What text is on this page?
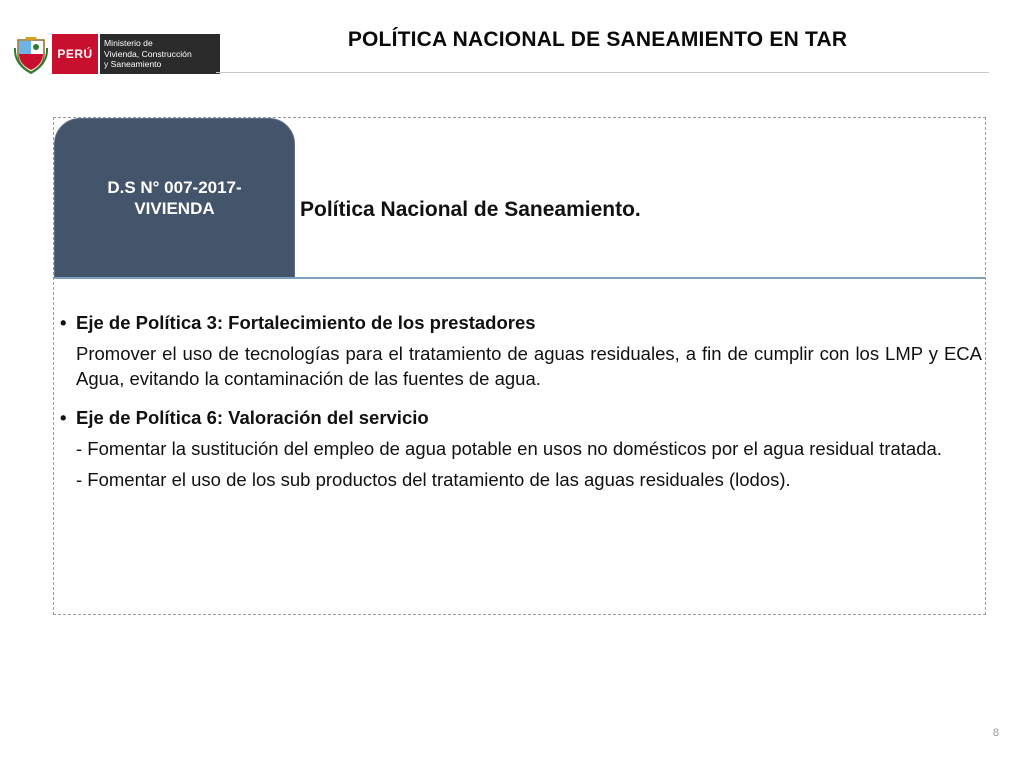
PERÚ
Ministerio de
Vivienda, Construcción
y Saneamiento
POLÍTICA NACIONAL DE SANEAMIENTO EN TAR
D.S N° 007-2017-VIVIENDA	Política Nacional de Saneamiento.
• Eje de Política 3: Fortalecimiento de los prestadores
Promover el uso de tecnologías para el tratamiento de aguas residuales, a fin de cumplir con los LMP y ECA Agua, evitando la contaminación de las fuentes de agua.
• Eje de Política 6: Valoración del servicio
- Fomentar la sustitución del empleo de agua potable en usos no domésticos por el agua residual tratada.
- Fomentar el uso de los sub productos del tratamiento de las aguas residuales (lodos).
8
